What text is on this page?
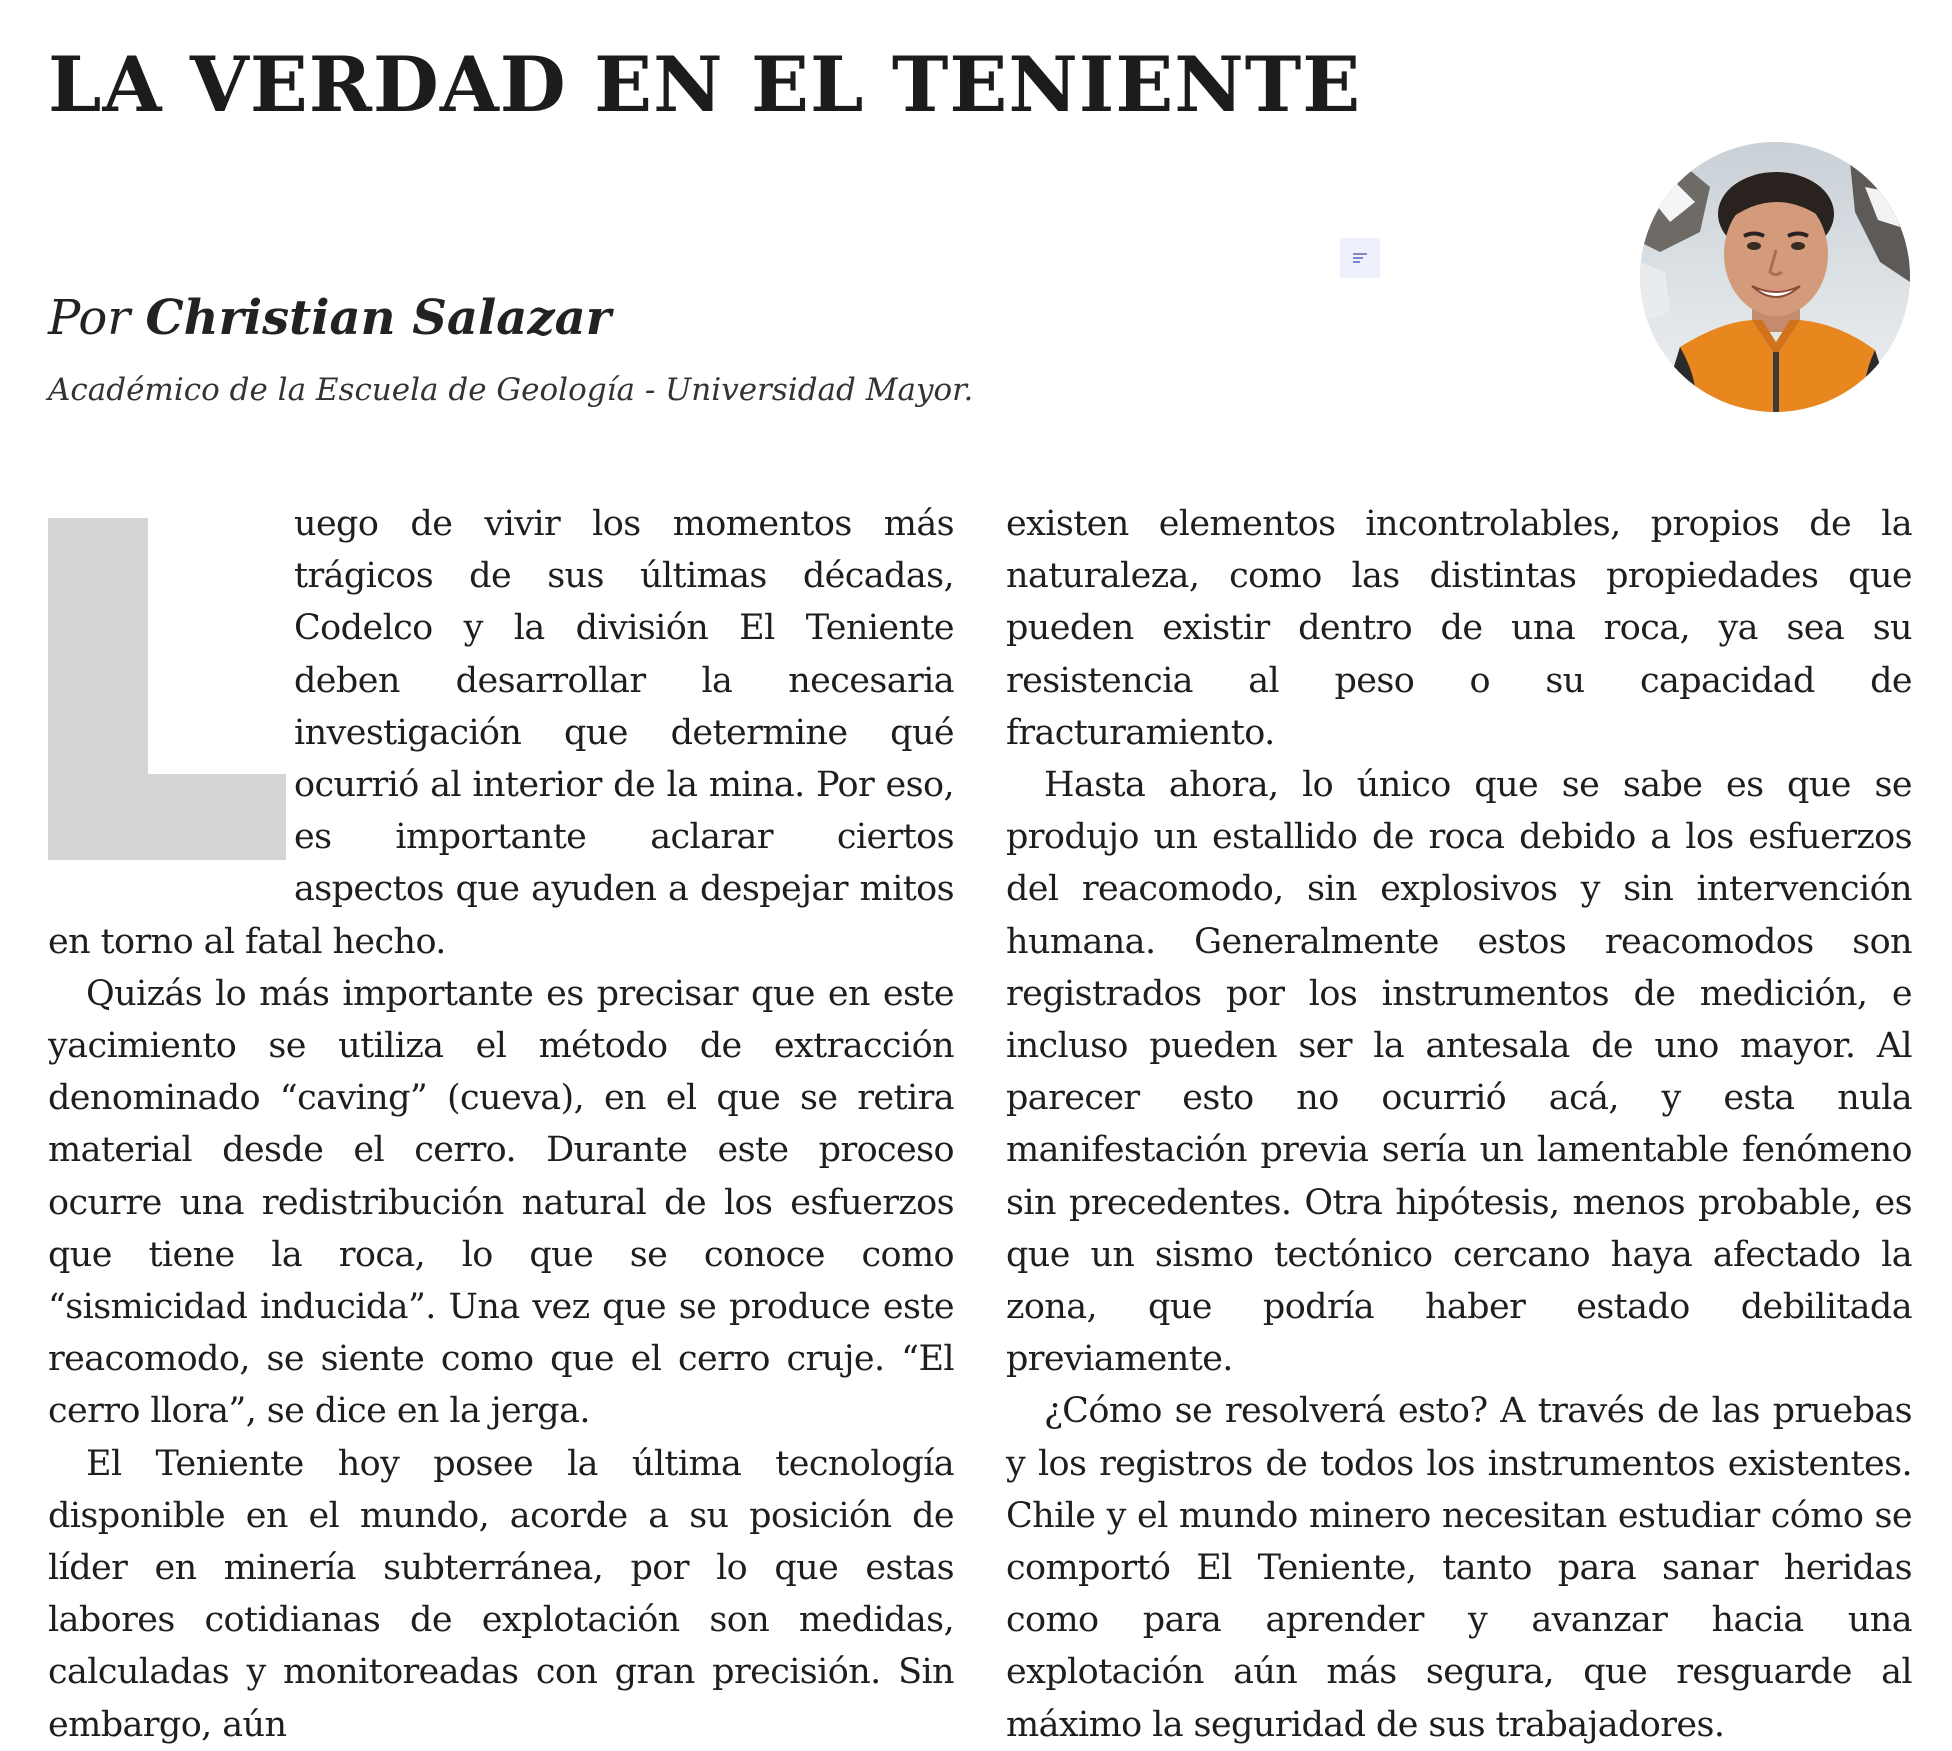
LA VERDAD EN EL TENIENTE
Por Christian Salazar
Académico de la Escuela de Geología - Universidad Mayor.

uego de vivir los momentos más trágicos de sus últimas décadas, Codelco y la división El Teniente deben desarrollar la necesaria investigación que determine qué ocurrió al interior de la mina. Por eso, es importante aclarar ciertos aspectos que ayuden a despejar mitos en torno al fatal hecho.

Quizás lo más importante es precisar que en este yacimiento se utiliza el método de extracción denominado “caving” (cueva), en el que se retira material desde el cerro. Durante este proceso ocurre una redistribución natural de los esfuerzos que tiene la roca, lo que se conoce como “sismicidad inducida”. Una vez que se produce este reacomodo, se siente como que el cerro cruje. “El cerro llora”, se dice en la jerga.

El Teniente hoy posee la última tecnología disponible en el mundo, acorde a su posición de líder en minería subterránea, por lo que estas labores cotidianas de explotación son medidas, calculadas y monitoreadas con gran precisión. Sin embargo, aún

existen elementos incontrolables, propios de la naturaleza, como las distintas propiedades que pueden existir dentro de una roca, ya sea su resistencia al peso o su capacidad de fracturamiento.

Hasta ahora, lo único que se sabe es que se produjo un estallido de roca debido a los esfuerzos del reacomodo, sin explosivos y sin intervención humana. Generalmente estos reacomodos son registrados por los instrumentos de medición, e incluso pueden ser la antesala de uno mayor. Al parecer esto no ocurrió acá, y esta nula manifestación previa sería un lamentable fenómeno sin precedentes. Otra hipótesis, menos probable, es que un sismo tectónico cercano haya afectado la zona, que podría haber estado debilitada previamente.

¿Cómo se resolverá esto? A través de las pruebas y los registros de todos los instrumentos existentes. Chile y el mundo minero necesitan estudiar cómo se comportó El Teniente, tanto para sanar heridas como para aprender y avanzar hacia una explotación aún más segura, que resguarde al máximo la seguridad de sus trabajadores.
